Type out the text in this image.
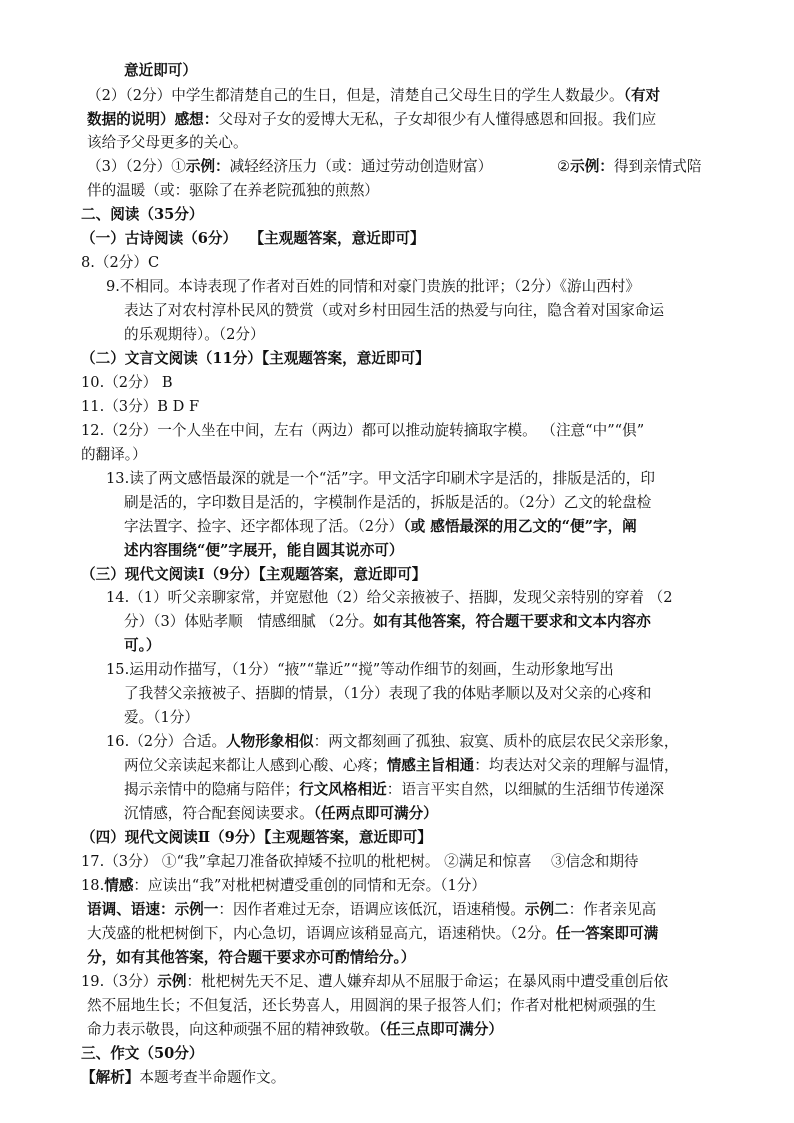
意近即可）
（2）（2分）中学生都清楚自己的生日，但是，清楚自己父母生日的学生人数最少。（有对
数据的说明）感想：父母对子女的爱博大无私，子女却很少有人懂得感恩和回报。我们应
该给予父母更多的关心。
（3）（2分）①示例：减轻经济压力（或：通过劳动创造财富）	②示例：得到亲情式陪
伴的温暖（或：驱除了在养老院孤独的煎熬）
二、阅读（35分）
（一）古诗阅读（6分）　 【主观题答案，意近即可】
8.（2分）C
9.不相同。本诗表现了作者对百姓的同情和对豪门贵族的批评；（2分）《游山西村》
表达了对农村淳朴民风的赞赏（或对乡村田园生活的热爱与向往，隐含着对国家命运
的乐观期待）。（2分）
（二）文言文阅读（11分）【主观题答案，意近即可】
10.（2分） B
11.（3分）B D F
12.（2分）一个人坐在中间，左右（两边）都可以推动旋转摘取字模。 （注意“中”“俱”
的翻译。）
13.读了两文感悟最深的就是一个“活”字。甲文活字印刷术字是活的，排版是活的，印
刷是活的，字印数目是活的，字模制作是活的，拆版是活的。（2分）乙文的轮盘检
字法置字、捡字、还字都体现了活。（2分）（或 感悟最深的用乙文的“便”字，阐
述内容围绕“便”字展开，能自圆其说亦可）
（三）现代文阅读Ⅰ（9分）【主观题答案，意近即可】
14.（1）听父亲聊家常，并宽慰他（2）给父亲掖被子、捂脚，发现父亲特别的穿着 （2
分）（3）体贴孝顺　情感细腻 （2分。如有其他答案，符合题干要求和文本内容亦
可。）
15.运用动作描写，（1分）“掖”“靠近”“搅”等动作细节的刻画，生动形象地写出
了我替父亲掖被子、捂脚的情景，（1分）表现了我的体贴孝顺以及对父亲的心疼和
爱。（1分）
16.（2分）合适。人物形象相似：两文都刻画了孤独、寂寞、质朴的底层农民父亲形象，
两位父亲读起来都让人感到心酸、心疼；情感主旨相通：均表达对父亲的理解与温情，
揭示亲情中的隐痛与陪伴；行文风格相近：语言平实自然，以细腻的生活细节传递深
沉情感，符合配套阅读要求。（任两点即可满分）
（四）现代文阅读Ⅱ（9分）【主观题答案，意近即可】
17.（3分） ①“我”拿起刀准备砍掉矮不拉叽的枇杷树。 ②满足和惊喜　 ③信念和期待
18.情感：应读出“我”对枇杷树遭受重创的同情和无奈。（1分）
语调、语速：示例一：因作者难过无奈，语调应该低沉，语速稍慢。示例二：作者亲见高
大茂盛的枇杷树倒下，内心急切，语调应该稍显高亢，语速稍快。（2分。任一答案即可满
分，如有其他答案，符合题干要求亦可酌情给分。）
19.（3分）示例：枇杷树先天不足、遭人嫌弃却从不屈服于命运；在暴风雨中遭受重创后依
然不屈地生长；不但复活，还长势喜人，用圆润的果子报答人们；作者对枇杷树顽强的生
命力表示敬畏，向这种顽强不屈的精神致敬。（任三点即可满分）
三、作文（50分）
【解析】本题考查半命题作文。
